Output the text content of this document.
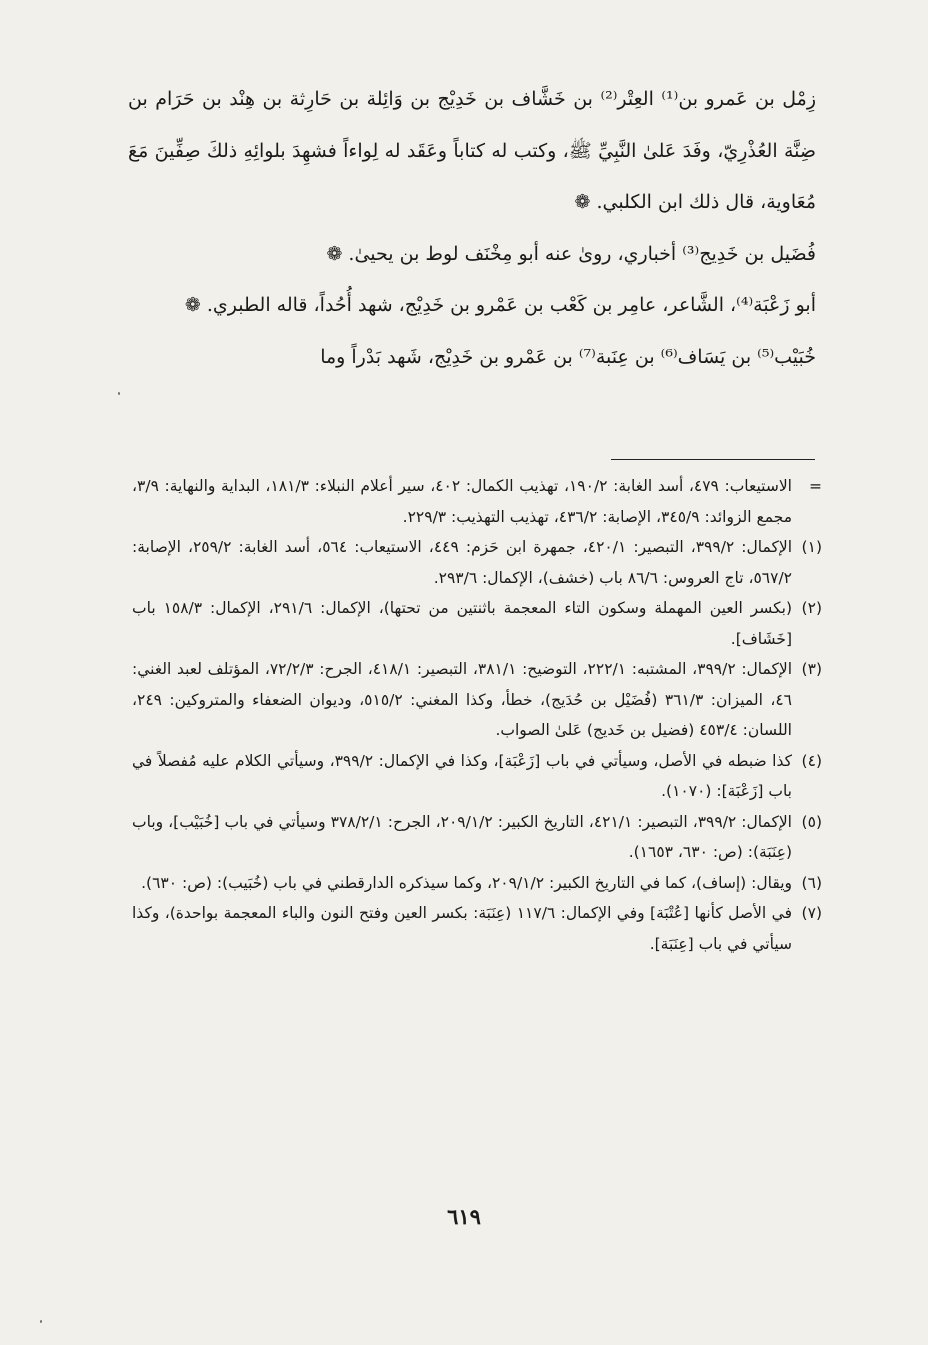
زِمْل بن عَمرو بن⁽¹⁾ العِتْر⁽²⁾ بن خَشَّاف بن خَدِيْج بن وَائِلة بن حَارِثة بن هِنْد بن حَرَام بن ضِنَّة العُذْرِيّ، وفَدَ عَلىٰ النَّبِيِّ ﷺ، وكتب له كتاباً وعَقَد له لِواءاً فشهِدَ بلوائِهِ ذلكَ صِفِّينَ مَعَ مُعَاوية، قال ذلك ابن الكلبي. ❁

فُضَيل بن خَدِيج⁽³⁾ أخباري، روىٰ عنه أبو مِخْنَف لوط بن يحيىٰ. ❁

أبو زَعْبَة⁽⁴⁾، الشَّاعر، عامِر بن كَعْب بن عَمْرو بن خَدِيْج، شهد أُحُداً، قاله الطبري. ❁

خُبَيْب⁽⁵⁾ بن يَسَاف⁽⁶⁾ بن عِنَبة⁽⁷⁾ بن عَمْرو بن خَدِيْج، شَهد بَدْراً وما

=
الاستيعاب: ٤٧٩، أسد الغابة: ١٩٠/٢، تهذيب الكمال: ٤٠٢، سير أعلام النبلاء: ١٨١/٣، البداية والنهاية: ٣/٩، مجمع الزوائد: ٣٤٥/٩، الإصابة: ٤٣٦/٢، تهذيب التهذيب: ٢٢٩/٣.
(١)
الإكمال: ٣٩٩/٢، التبصير: ٤٢٠/١، جمهرة ابن حَزم: ٤٤٩، الاستيعاب: ٥٦٤، أسد الغابة: ٢٥٩/٢، الإصابة: ٥٦٧/٢، تاج العروس: ٨٦/٦ باب (خشف)، الإكمال: ٢٩٣/٦.
(٢)
(بكسر العين المهملة وسكون التاء المعجمة باثنتين من تحتها)، الإكمال: ٢٩١/٦، الإكمال: ١٥٨/٣ باب [خَشَاف].
(٣)
الإكمال: ٣٩٩/٢، المشتبه: ٢٢٢/١، التوضيح: ٣٨١/١، التبصير: ٤١٨/١، الجرح: ٧٢/٢/٣، المؤتلف لعبد الغني: ٤٦، الميزان: ٣٦١/٣ (فُضَيْل بن حُدَيج)، خطأ، وكذا المغني: ٥١٥/٢، وديوان الضعفاء والمتروكين: ٢٤٩، اللسان: ٤٥٣/٤ (فضيل بن خَديج) عَلىٰ الصواب.
(٤)
كذا ضبطه في الأصل، وسيأتي في باب [زَعْبَة]، وكذا في الإكمال: ٣٩٩/٢، وسيأتي الكلام عليه مُفصلاً في باب [زَعْبَة]: (١٠٧٠).
(٥)
الإكمال: ٣٩٩/٢، التبصير: ٤٢١/١، التاريخ الكبير: ٢٠٩/١/٢، الجرح: ٣٧٨/٢/١ وسيأتي في باب [خُبَيْب]، وباب (عِنَبَة): (ص: ٦٣٠، ١٦٥٣).
(٦)
ويقال: (إساف)، كما في التاريخ الكبير: ٢٠٩/١/٢، وكما سيذكره الدارقطني في باب (خُبَيب): (ص: ٦٣٠).
(٧)
في الأصل كأنها [عُتْبَة] وفي الإكمال: ١١٧/٦ (عِنَبَة: بكسر العين وفتح النون والباء المعجمة بواحدة)، وكذا سيأتي في باب [عِنَبَة].
٦١٩
